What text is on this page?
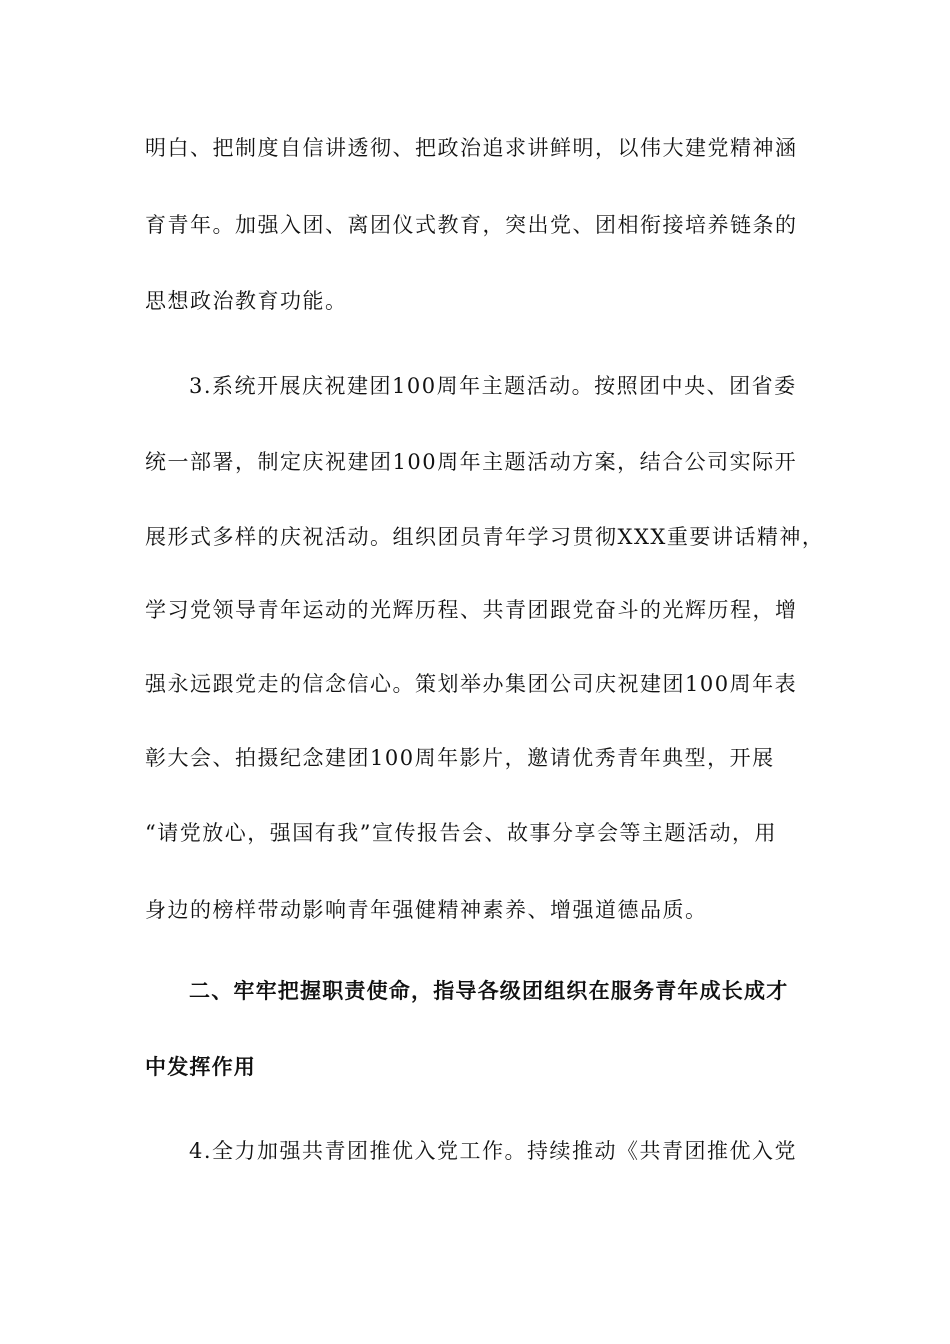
明白、把制度自信讲透彻、把政治追求讲鲜明，以伟大建党精神涵
育青年。加强入团、离团仪式教育，突出党、团相衔接培养链条的
思想政治教育功能。
3.系统开展庆祝建团100周年主题活动。按照团中央、团省委
统一部署，制定庆祝建团100周年主题活动方案，结合公司实际开
展形式多样的庆祝活动。组织团员青年学习贯彻XXX重要讲话精神，
学习党领导青年运动的光辉历程、共青团跟党奋斗的光辉历程，增
强永远跟党走的信念信心。策划举办集团公司庆祝建团100周年表
彰大会、拍摄纪念建团100周年影片，邀请优秀青年典型，开展
“请党放心，强国有我”宣传报告会、故事分享会等主题活动，用
身边的榜样带动影响青年强健精神素养、增强道德品质。
二、牢牢把握职责使命，指导各级团组织在服务青年成长成才
中发挥作用
4.全力加强共青团推优入党工作。持续推动《共青团推优入党
